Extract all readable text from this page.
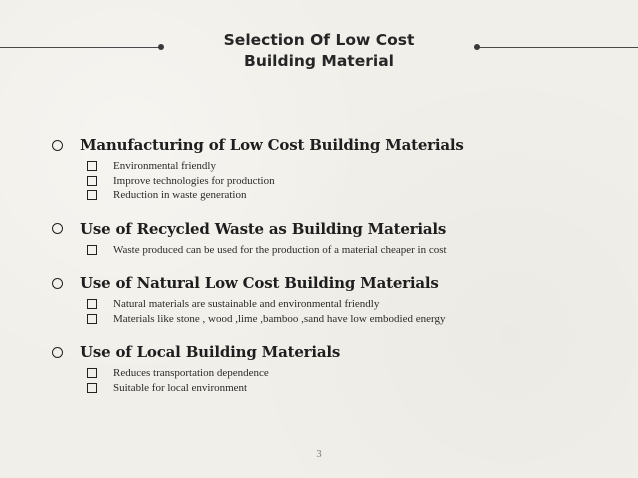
Selection Of Low Cost
Building Material
Manufacturing of Low Cost Building Materials
Environmental friendly
Improve technologies for production
Reduction in waste generation
Use of Recycled Waste as Building Materials
Waste produced can be used for the production of a material cheaper in cost
Use of Natural Low Cost Building Materials
Natural materials are sustainable and environmental friendly
Materials like stone , wood ,lime ,bamboo ,sand have low embodied energy
Use of Local Building Materials
Reduces transportation dependence
Suitable for local environment
3
